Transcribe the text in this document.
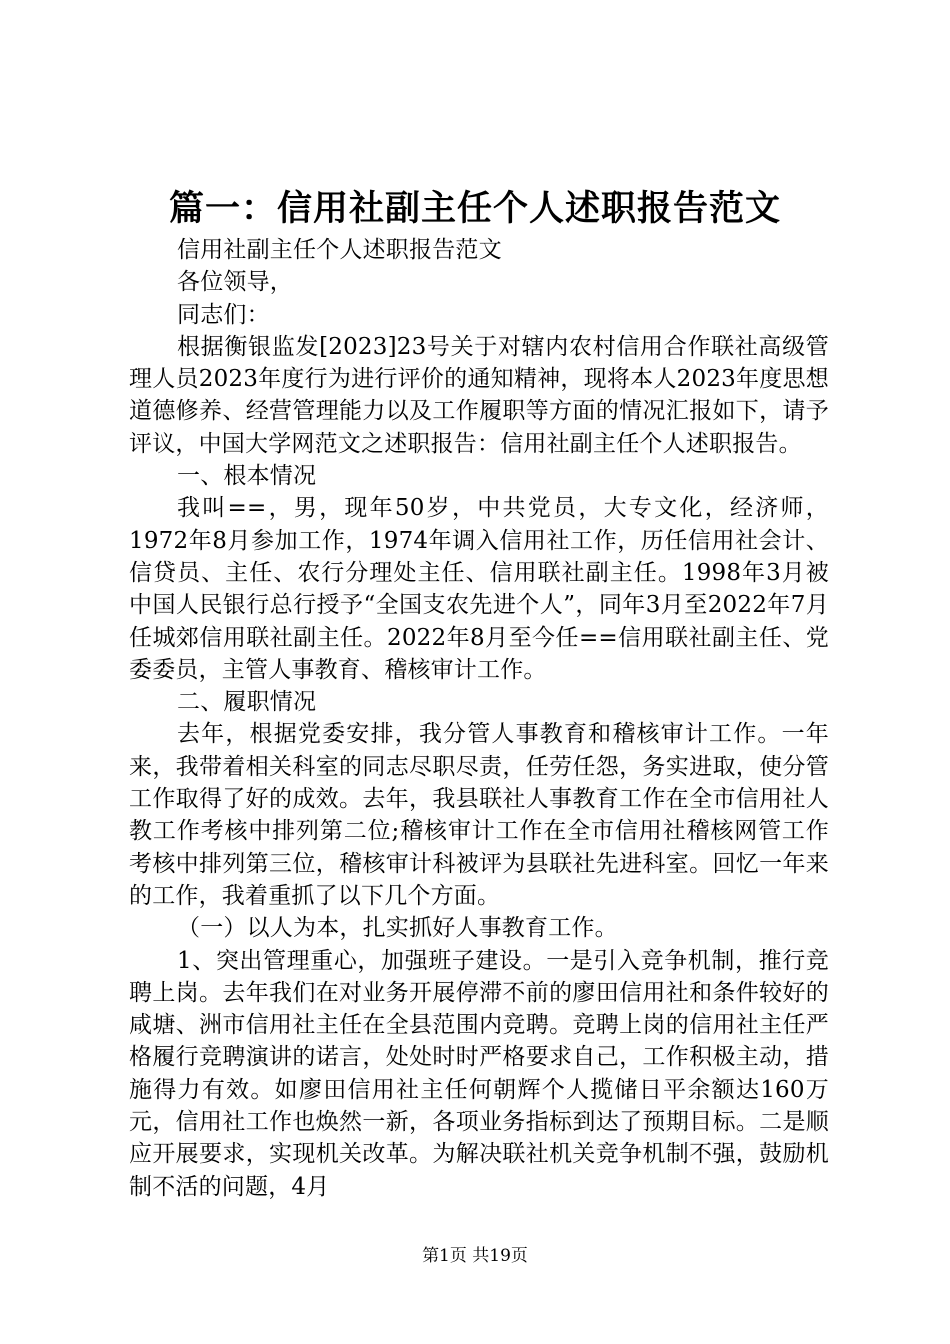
篇一：信用社副主任个人述职报告范文

信用社副主任个人述职报告范文

各位领导，

同志们：

根据衡银监发[2023]23号关于对辖内农村信用合作联社高级管理人员2023年度行为进行评价的通知精神，现将本人2023年度思想道德修养、经营管理能力以及工作履职等方面的情况汇报如下，请予评议，中国大学网范文之述职报告：信用社副主任个人述职报告。

一、根本情况

我叫==，男，现年50岁，中共党员，大专文化，经济师，1972年8月参加工作，1974年调入信用社工作，历任信用社会计、信贷员、主任、农行分理处主任、信用联社副主任。1998年3月被中国人民银行总行授予“全国支农先进个人”，同年3月至2022年7月任城郊信用联社副主任。2022年8月至今任==信用联社副主任、党委委员，主管人事教育、稽核审计工作。

二、履职情况

去年，根据党委安排，我分管人事教育和稽核审计工作。一年来，我带着相关科室的同志尽职尽责，任劳任怨，务实进取，使分管工作取得了好的成效。去年，我县联社人事教育工作在全市信用社人教工作考核中排列第二位;稽核审计工作在全市信用社稽核网管工作考核中排列第三位，稽核审计科被评为县联社先进科室。回忆一年来的工作，我着重抓了以下几个方面。

（一）以人为本，扎实抓好人事教育工作。

1、突出管理重心，加强班子建设。一是引入竞争机制，推行竞聘上岗。去年我们在对业务开展停滞不前的廖田信用社和条件较好的咸塘、洲市信用社主任在全县范围内竞聘。竞聘上岗的信用社主任严格履行竞聘演讲的诺言，处处时时严格要求自己，工作积极主动，措施得力有效。如廖田信用社主任何朝辉个人揽储日平余额达160万元，信用社工作也焕然一新，各项业务指标到达了预期目标。二是顺应开展要求，实现机关改革。为解决联社机关竞争机制不强，鼓励机制不活的问题，4月

第1页 共19页
